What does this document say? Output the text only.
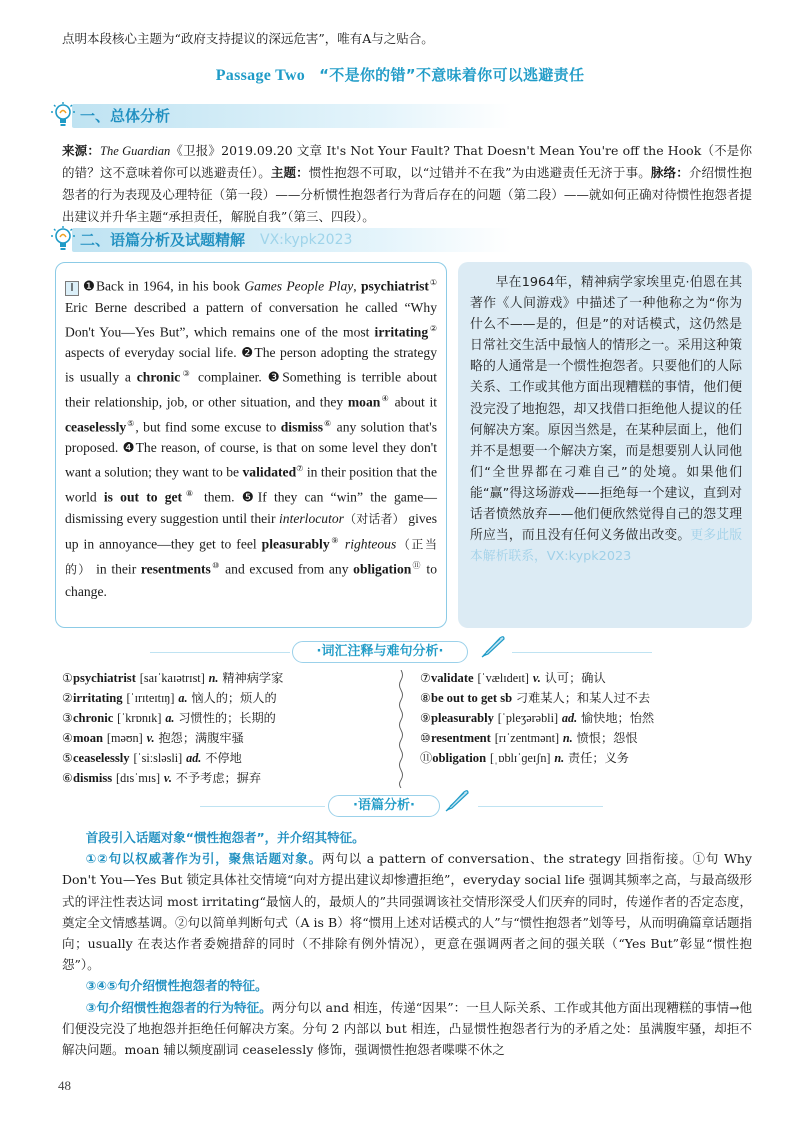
点明本段核心主题为“政府支持提议的深远危害”，唯有A与之贴合。
Passage Two “不是你的错”不意味着你可以逃避责任
一、总体分析
来源：The Guardian《卫报》2019.09.20 文章 It's Not Your Fault? That Doesn't Mean You're off the Hook（不是你的错？这不意味着你可以逃避责任）。主题：惯性抱怨不可取，以“过错并不在我”为由逃避责任无济于事。脉络：介绍惯性抱怨者的行为表现及心理特征（第一段）——分析惯性抱怨者行为背后存在的问题（第二段）——就如何正确对待惯性抱怨者提出建议并升华主题“承担责任，解脱自我”（第三、四段）。
二、语篇分析及试题精解 VX:kypk2023
Ⅰ ❶Back in 1964, in his book Games People Play, psychiatrist① Eric Berne described a pattern of conversation he called “Why Don't You—Yes But”, which remains one of the most irritating② aspects of everyday social life. ❷The person adopting the strategy is usually a chronic③ complainer. ❸Something is terrible about their relationship, job, or other situation, and they moan④ about it ceaselessly⑤, but find some excuse to dismiss⑥ any solution that's proposed. ❹The reason, of course, is that on some level they don't want a solution; they want to be validated⑦ in their position that the world is out to get⑧ them. ❺If they can “win” the game—dismissing every suggestion until their interlocutor（对话者） gives up in annoyance—they get to feel pleasurably⑨ righteous（正当的） in their resentments⑩ and excused from any obligation⑪ to change.
早在1964年，精神病学家埃里克·伯恩在其著作《人间游戏》中描述了一种他称之为“你为什么不——是的，但是”的对话模式，这仍然是日常社交生活中最恼人的情形之一。采用这种策略的人通常是一个惯性抱怨者。只要他们的人际关系、工作或其他方面出现糟糕的事情，他们便没完没了地抱怨，却又找借口拒绝他人提议的任何解决方案。原因当然是，在某种层面上，他们并不是想要一个解决方案，而是想要别人认同他们“全世界都在刁难自己”的处境。如果他们能“赢”得这场游戏——拒绝每一个建议，直到对话者愤然放弃——他们便欣然觉得自己的怨艾理所应当，而且没有任何义务做出改变。更多此版本解析联系，VX:kypk2023
·词汇注释与难句分析·
①psychiatrist [saɪˈkaɪətrɪst] n. 精神病学家
②irritating [ˈɪrɪteɪtɪŋ] a. 恼人的；烦人的
③chronic [ˈkrɒnɪk] a. 习惯性的；长期的
④moan [məʊn] v. 抱怨；满腹牢骚
⑤ceaselessly [ˈsiːsləsli] ad. 不停地
⑥dismiss [dɪsˈmɪs] v. 不予考虑；摒弃
⑦validate [ˈvælɪdeɪt] v. 认可；确认
⑧be out to get sb 刁难某人；和某人过不去
⑨pleasurably [ˈpleʒərəbli] ad. 愉快地；怡然
⑩resentment [rɪˈzentmənt] n. 愤恨；怨恨
⑪obligation [ˌɒblɪˈɡeɪʃn] n. 责任；义务
·语篇分析·
首段引入话题对象“惯性抱怨者”，并介绍其特征。
①②句以权威著作为引，聚焦话题对象。两句以 a pattern of conversation、the strategy 回指衔接。①句 Why Don't You—Yes But 锁定具体社交情境“向对方提出建议却惨遭拒绝”，everyday social life 强调其频率之高，与最高级形式的评注性表达词 most irritating“最恼人的，最烦人的”共同强调该社交情形深受人们厌弃的同时，传递作者的否定态度，奠定全文情感基调。②句以简单判断句式（A is B）将“惯用上述对话模式的人”与“惯性抱怨者”划等号，从而明确篇章话题指向；usually 在表达作者委婉措辞的同时（不排除有例外情况），更意在强调两者之间的强关联（“Yes But”彰显“惯性抱怨”）。
③④⑤句介绍惯性抱怨者的特征。
③句介绍惯性抱怨者的行为特征。两分句以 and 相连，传递“因果”：一旦人际关系、工作或其他方面出现糟糕的事情→他们便没完没了地抱怨并拒绝任何解决方案。分句 2 内部以 but 相连，凸显惯性抱怨者行为的矛盾之处：虽满腹牢骚，却拒不解决问题。moan 辅以频度副词 ceaselessly 修饰，强调惯性抱怨者喋喋不休之
48
